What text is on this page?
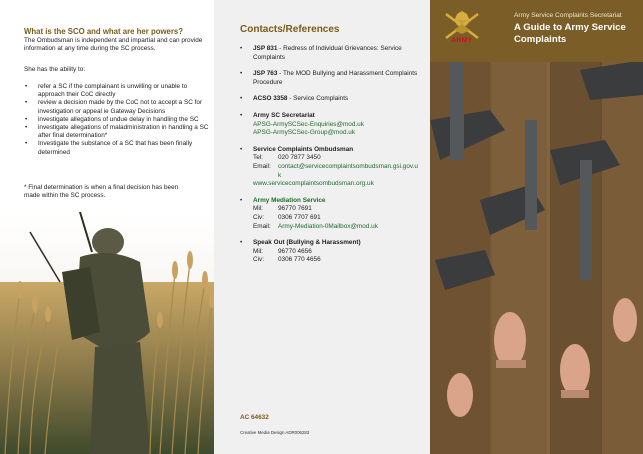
What is the SCO and what are her powers?

The Ombudsman is independent and impartial and can provide information at any time during the SC process.

She has the ability to:

• refer a SC if the complainant is unwilling or unable to approach their CoC directly
• review a decision made by the CoC not to accept a SC for investigation or appeal ie Gateway Decisions
• investigate allegations of undue delay in handling the SC
• investigate allegations of maladministration in handling a SC after final determination*
• Investigate the substance of a SC that has been finally determined

* Final determination is when a final decision has been made within the SC process.

Contacts/References
• JSP 831 - Redress of Individual Grievances: Service Complaints
• JSP 763 - The MOD Bullying and Harassment Complaints Procedure
• ACSO 3358 - Service Complaints
• Army SC Secretariat
APSG-ArmySCSec-Enquiries@mod.uk
APSG-ArmySCSec-Group@mod.uk
• Service Complaints Ombudsman
Tel:	020 7877 3450
Email:	contact@servicecomplaintsombudsman.gsi.gov.uk
www.servicecomplaintsombudsman.org.uk
• Army Mediation Service
Mil:	96770 7691
Civ:	0306 7707 691
Email:	Army-Mediation-0Mailbox@mod.uk
• Speak Out (Bullying & Harassment)
Mil:	96770 4656
Civ:	0306 770 4656
AC 64632
Creative Media Design ADR006283
ARMY
Army Service Complaints Secretariat
A Guide to Army Service Complaints
